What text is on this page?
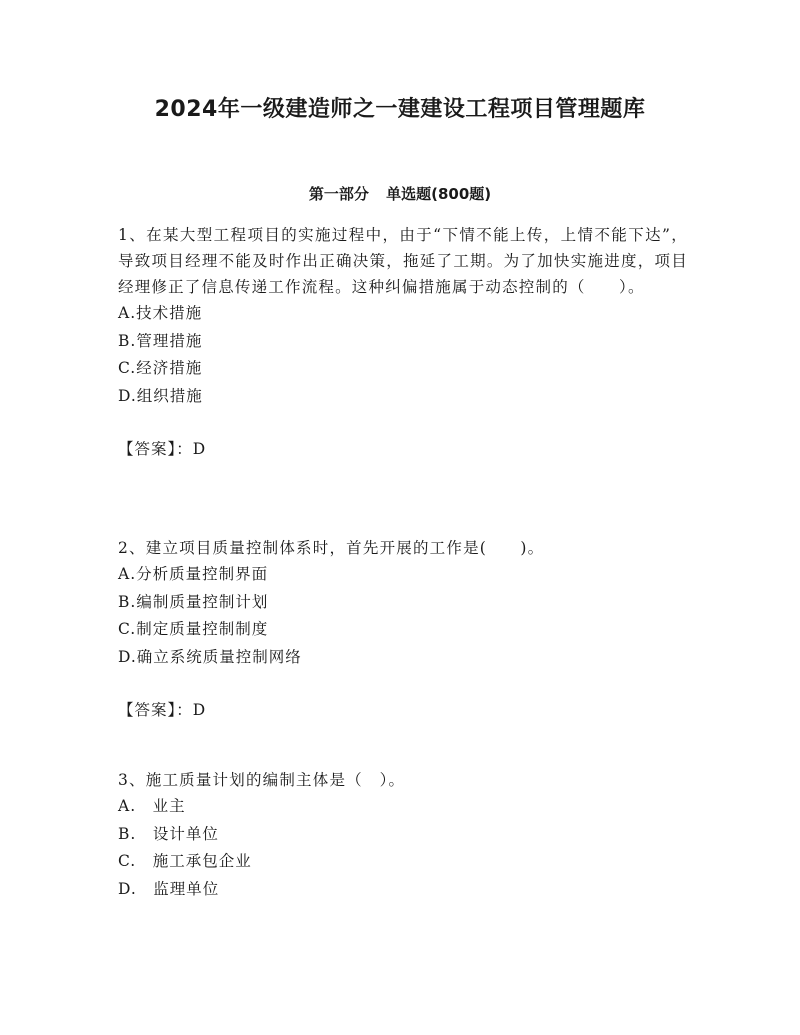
2024年一级建造师之一建建设工程项目管理题库
第一部分 单选题(800题)
1、在某大型工程项目的实施过程中，由于“下情不能上传，上情不能下达”，导致项目经理不能及时作出正确决策，拖延了工期。为了加快实施进度，项目经理修正了信息传递工作流程。这种纠偏措施属于动态控制的（　　）。
A.技术措施
B.管理措施
C.经济措施
D.组织措施
【答案】：D
2、建立项目质量控制体系时，首先开展的工作是(　　)。
A.分析质量控制界面
B.编制质量控制计划
C.制定质量控制制度
D.确立系统质量控制网络
【答案】：D
3、施工质量计划的编制主体是（　）。
A.　业主
B.　设计单位
C.　施工承包企业
D.　监理单位
